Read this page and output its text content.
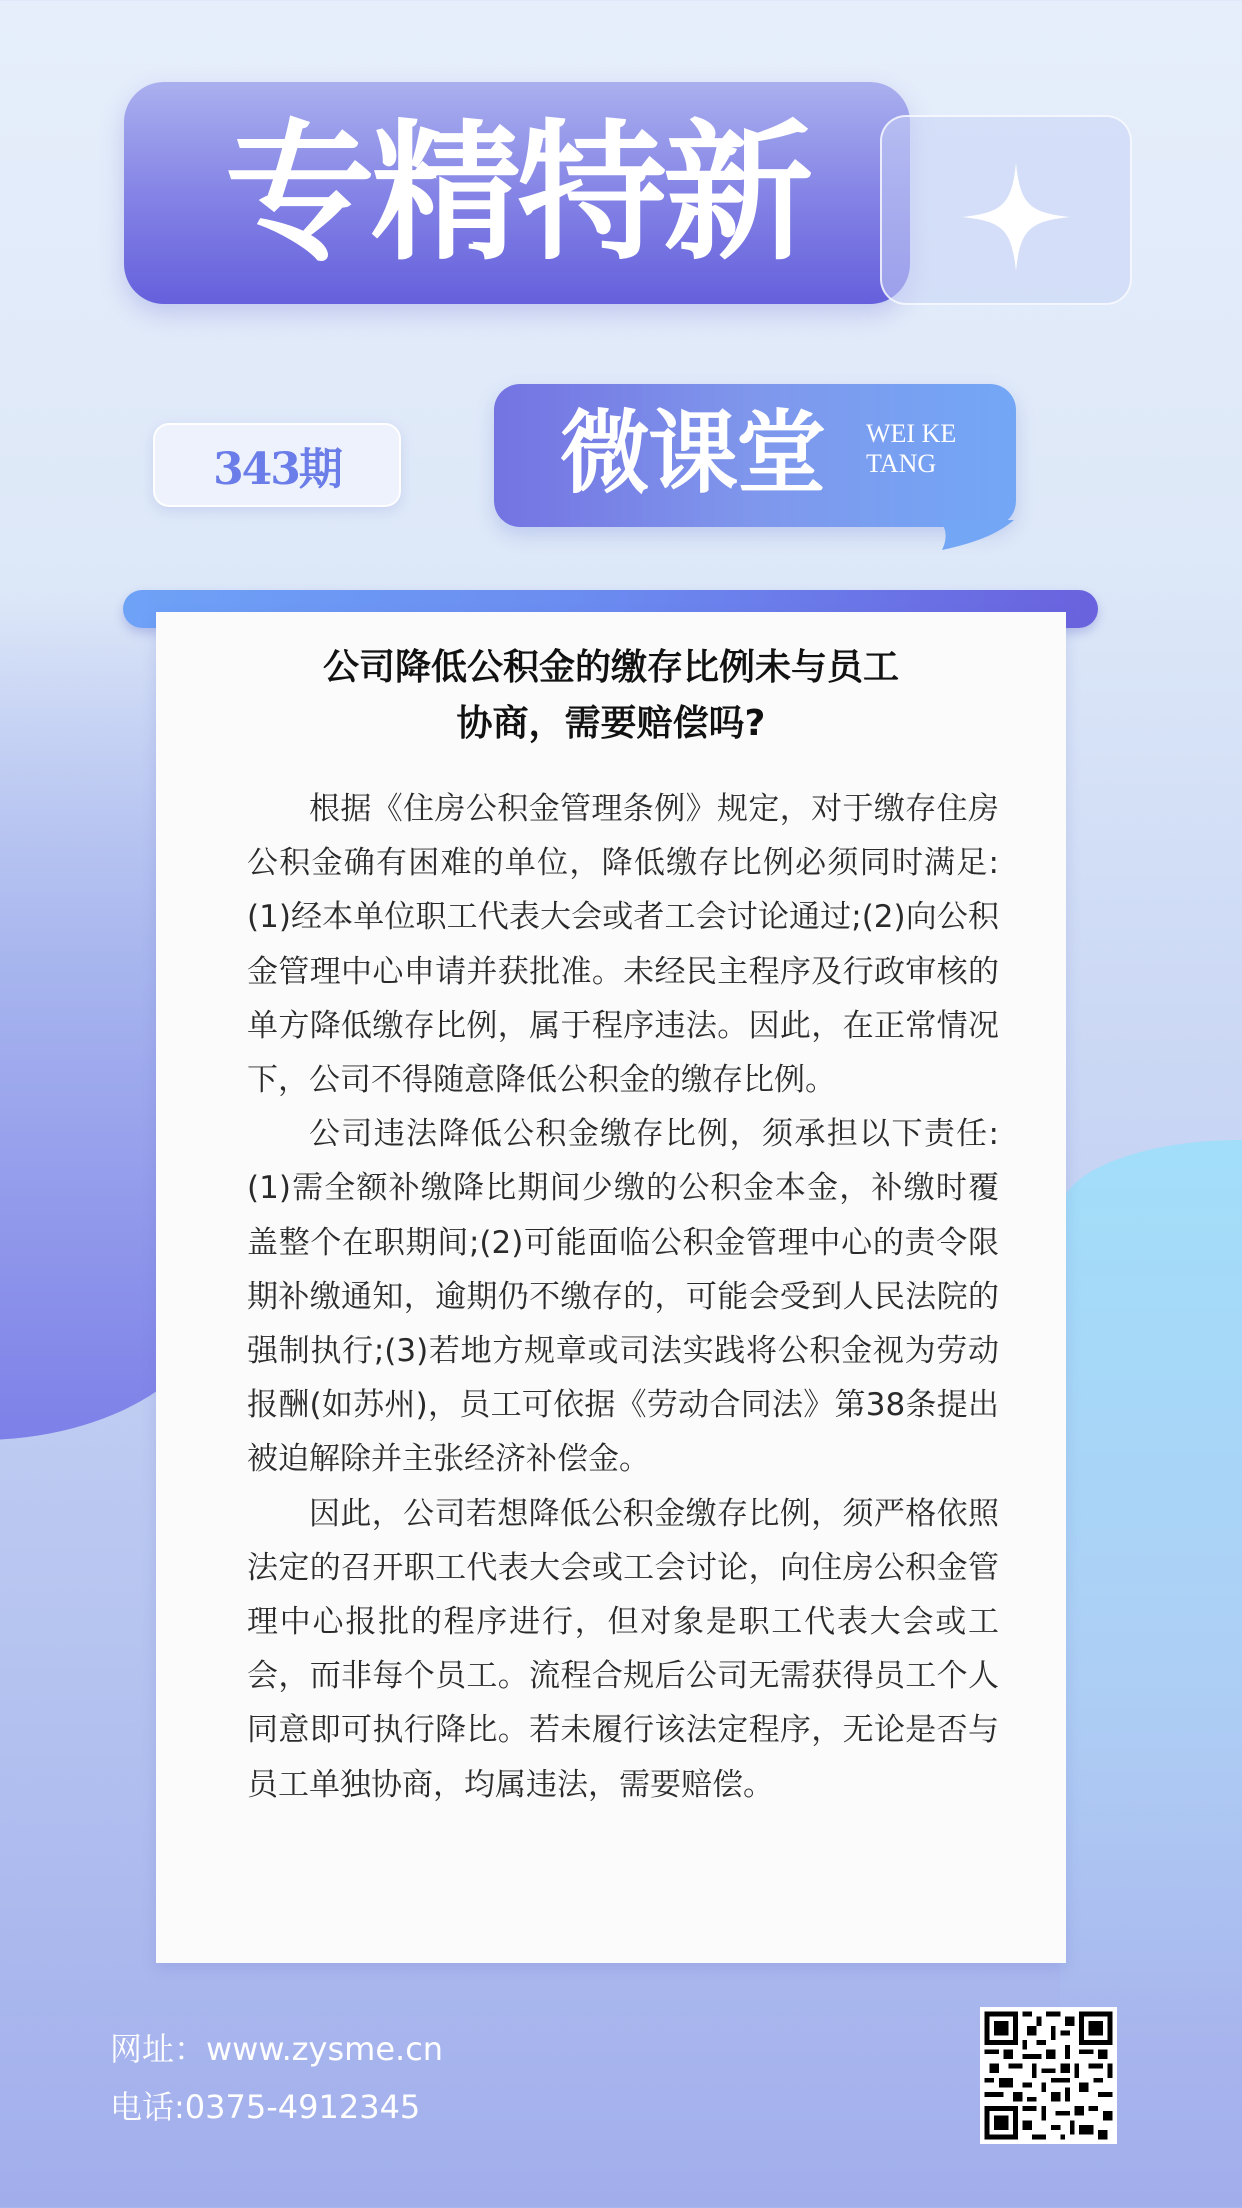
专精特新
343期 微课堂 WEI KE
TANG
公司降低公积金的缴存比例未与员工
协商，需要赔偿吗?

根据《住房公积金管理条例》规定，对于缴存住房公积金确有困难的单位，降低缴存比例必须同时满足:(1)经本单位职工代表大会或者工会讨论通过;(2)向公积金管理中心申请并获批准。未经民主程序及行政审核的单方降低缴存比例，属于程序违法。因此，在正常情况下，公司不得随意降低公积金的缴存比例。

公司违法降低公积金缴存比例，须承担以下责任:(1)需全额补缴降比期间少缴的公积金本金，补缴时覆盖整个在职期间;(2)可能面临公积金管理中心的责令限期补缴通知，逾期仍不缴存的，可能会受到人民法院的强制执行;(3)若地方规章或司法实践将公积金视为劳动报酬(如苏州)，员工可依据《劳动合同法》第38条提出被迫解除并主张经济补偿金。

因此，公司若想降低公积金缴存比例，须严格依照法定的召开职工代表大会或工会讨论，向住房公积金管理中心报批的程序进行，但对象是职工代表大会或工会，而非每个员工。流程合规后公司无需获得员工个人同意即可执行降比。若未履行该法定程序，无论是否与员工单独协商，均属违法，需要赔偿。

网址：www.zysme.cn
电话:0375-4912345
